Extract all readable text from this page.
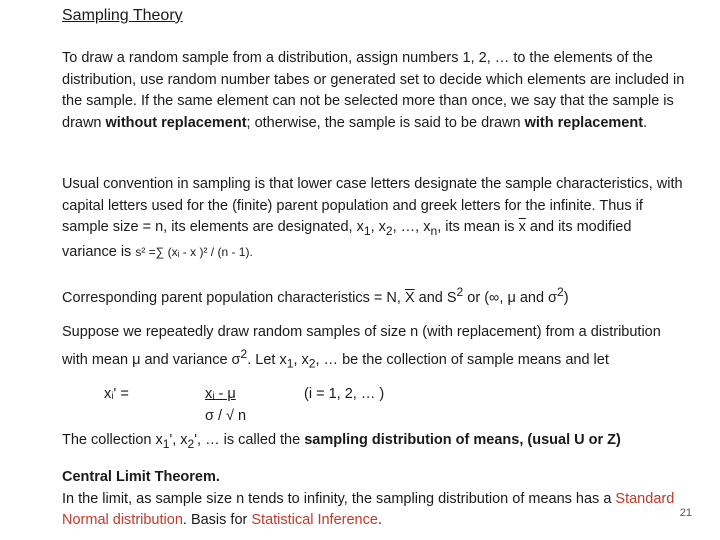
Sampling Theory

To draw a random sample from a distribution, assign numbers 1, 2, … to the elements of the distribution, use random number tabes or generated set to decide which elements are included in the sample. If the same element can not be selected more than once, we say that the sample is drawn without replacement; otherwise, the sample is said to be drawn with replacement.

Usual convention in sampling is that lower case letters designate the sample characteristics, with capital letters used for the (finite) parent population and greek letters for the infinite. Thus if sample size = n, its elements are designated, $x_1$, $x_2$, …, $x_n$, its mean is $\overline{x}$ and its modified variance is s² =∑ (xᵢ - x )² / (n - 1).

Corresponding parent population characteristics = N, $\overline{X}$ and $S^2$ or (∞, μ and $\sigma^2$)

Suppose we repeatedly draw random samples of size n (with replacement) from a distribution with mean μ and variance $\sigma^2$. Let $x_1$, $x_2$, … be the collection of sample means and let

xᵢ' =	xᵢ - μ
σ / √ n
(i = 1, 2, … )

The collection $x_1'$, $x_2'$, … is called the sampling distribution of means, (usual U or Z)

Central Limit Theorem.
In the limit, as sample size n tends to infinity, the sampling distribution of means has a Standard Normal distribution. Basis for Statistical Inference.	21
